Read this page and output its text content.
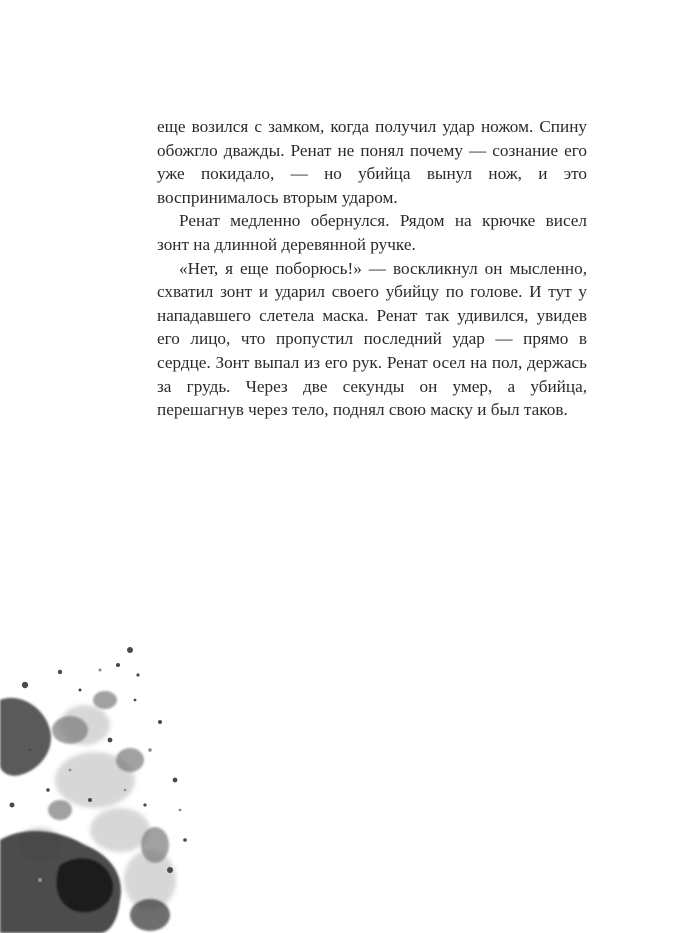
еще возился с замком, когда получил удар ножом. Спину обожгло дважды. Ренат не понял почему — сознание его уже покидало, — но убийца вынул нож, и это воспринималось вторым ударом.

Ренат медленно обернулся. Рядом на крючке висел зонт на длинной деревянной ручке.

«Нет, я еще поборюсь!» — воскликнул он мысленно, схватил зонт и ударил своего убийцу по голове. И тут у нападавшего слетела маска. Ренат так удивился, увидев его лицо, что пропустил последний удар — прямо в сердце. Зонт выпал из его рук. Ренат осел на пол, держась за грудь. Через две секунды он умер, а убийца, перешагнув через тело, поднял свою маску и был таков.
